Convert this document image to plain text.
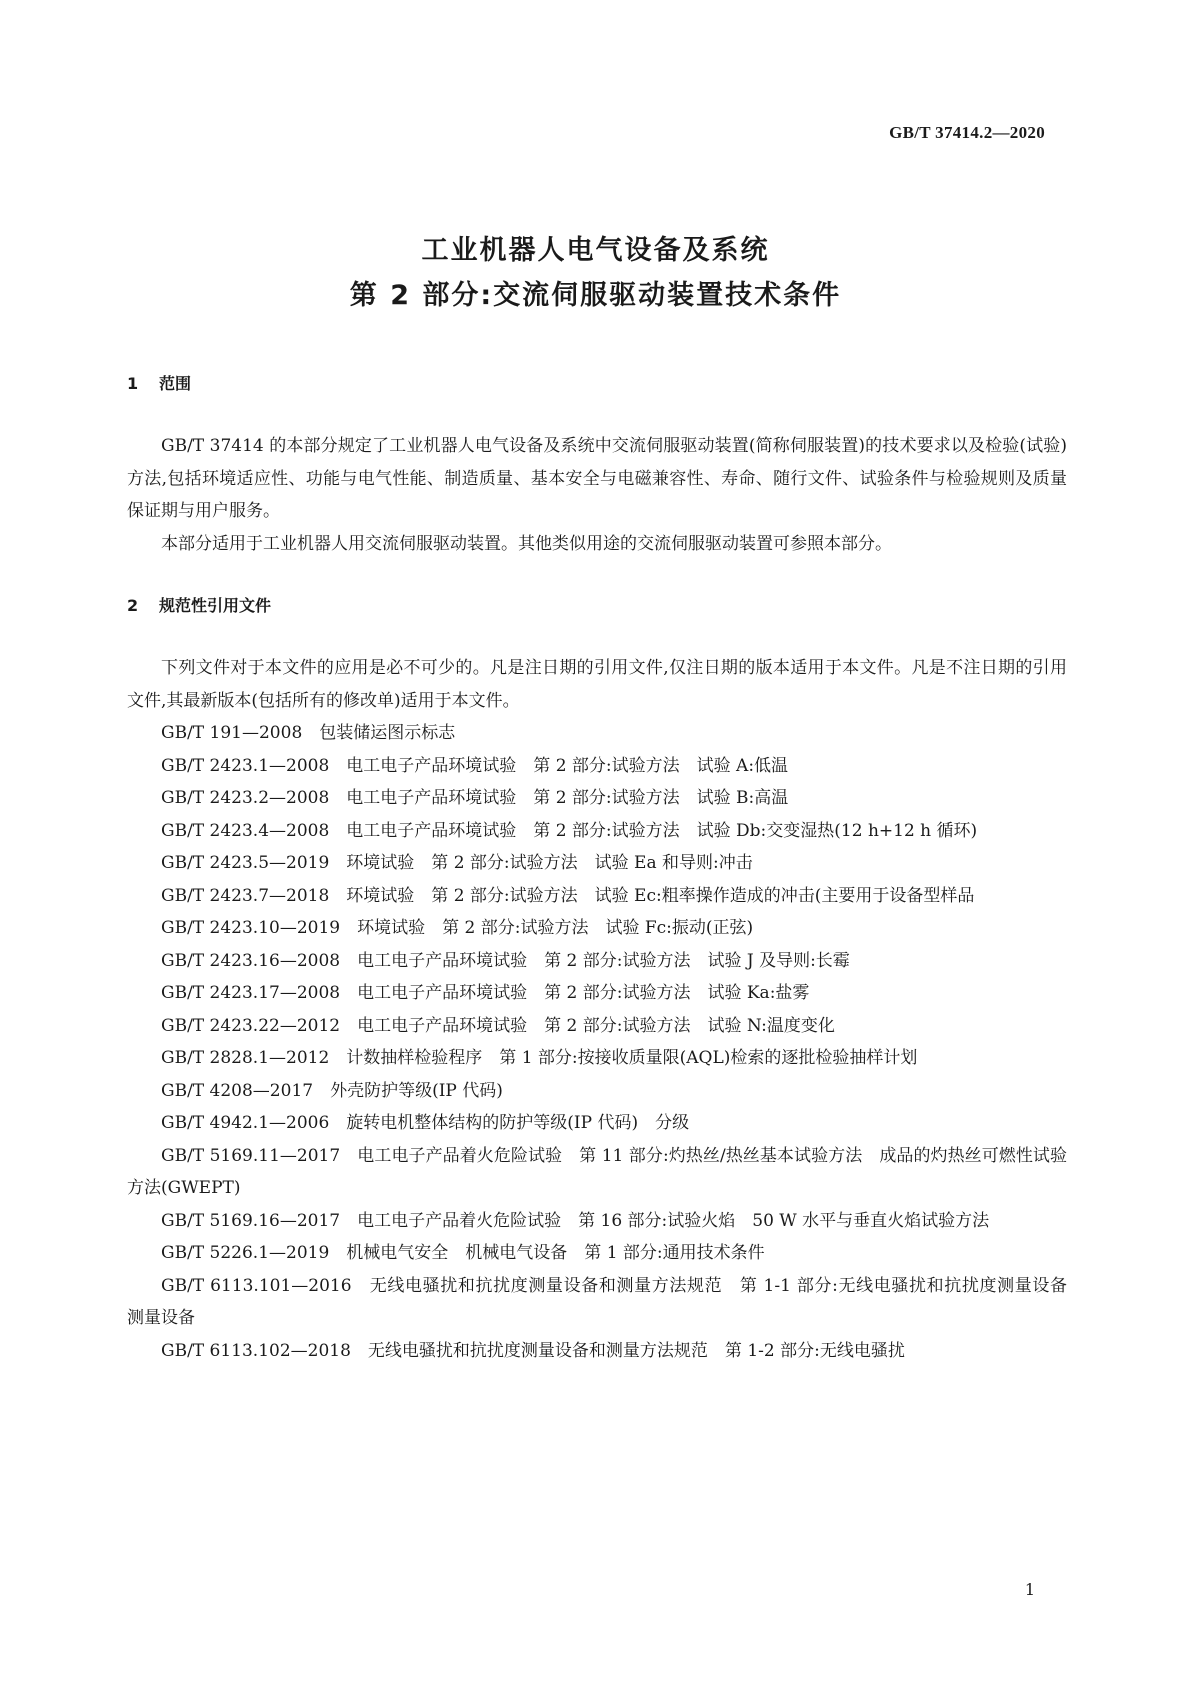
GB/T 37414.2—2020
工业机器人电气设备及系统
第 2 部分:交流伺服驱动装置技术条件
1	范围

GB/T 37414 的本部分规定了工业机器人电气设备及系统中交流伺服驱动装置(简称伺服装置)的技术要求以及检验(试验)方法,包括环境适应性、功能与电气性能、制造质量、基本安全与电磁兼容性、寿命、随行文件、试验条件与检验规则及质量保证期与用户服务。

本部分适用于工业机器人用交流伺服驱动装置。其他类似用途的交流伺服驱动装置可参照本部分。

2	规范性引用文件

下列文件对于本文件的应用是必不可少的。凡是注日期的引用文件,仅注日期的版本适用于本文件。凡是不注日期的引用文件,其最新版本(包括所有的修改单)适用于本文件。

GB/T 191—2008　包装储运图示标志
GB/T 2423.1—2008　电工电子产品环境试验　第 2 部分:试验方法　试验 A:低温
GB/T 2423.2—2008　电工电子产品环境试验　第 2 部分:试验方法　试验 B:高温
GB/T 2423.4—2008　电工电子产品环境试验　第 2 部分:试验方法　试验 Db:交变湿热(12 h+12 h 循环)
GB/T 2423.5—2019　环境试验　第 2 部分:试验方法　试验 Ea 和导则:冲击
GB/T 2423.7—2018　环境试验　第 2 部分:试验方法　试验 Ec:粗率操作造成的冲击(主要用于设备型样品
GB/T 2423.10—2019　环境试验　第 2 部分:试验方法　试验 Fc:振动(正弦)
GB/T 2423.16—2008　电工电子产品环境试验　第 2 部分:试验方法　试验 J 及导则:长霉
GB/T 2423.17—2008　电工电子产品环境试验　第 2 部分:试验方法　试验 Ka:盐雾
GB/T 2423.22—2012　电工电子产品环境试验　第 2 部分:试验方法　试验 N:温度变化
GB/T 2828.1—2012　计数抽样检验程序　第 1 部分:按接收质量限(AQL)检索的逐批检验抽样计划
GB/T 4208—2017　外壳防护等级(IP 代码)
GB/T 4942.1—2006　旋转电机整体结构的防护等级(IP 代码)　分级
GB/T 5169.11—2017　电工电子产品着火危险试验　第 11 部分:灼热丝/热丝基本试验方法　成品的灼热丝可燃性试验方法(GWEPT)
GB/T 5169.16—2017　电工电子产品着火危险试验　第 16 部分:试验火焰　50 W 水平与垂直火焰试验方法
GB/T 5226.1—2019　机械电气安全　机械电气设备　第 1 部分:通用技术条件
GB/T 6113.101—2016　无线电骚扰和抗扰度测量设备和测量方法规范　第 1-1 部分:无线电骚扰和抗扰度测量设备　测量设备
GB/T 6113.102—2018　无线电骚扰和抗扰度测量设备和测量方法规范　第 1-2 部分:无线电骚扰
1
